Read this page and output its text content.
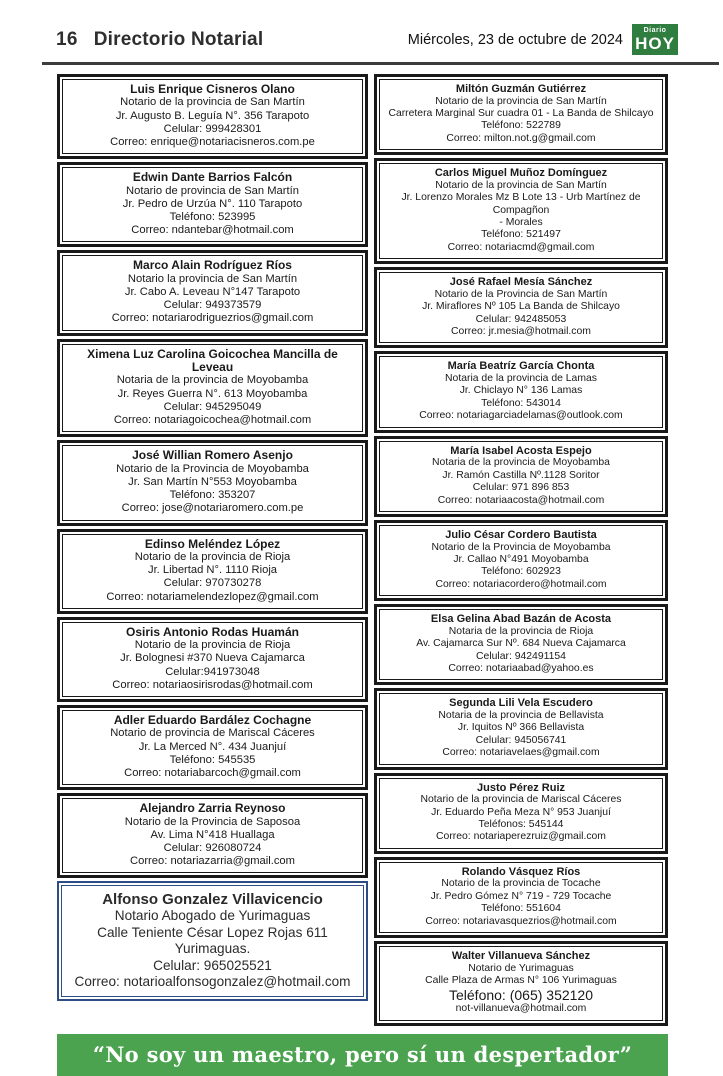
16 Directorio Notarial	Miércoles, 23 de octubre de 2024
Diario
HOY
Luis Enrique Cisneros Olano
Notario de la provincia de San Martín
Jr. Augusto B. Leguía N°. 356 Tarapoto
Celular: 999428301
Correo: enrique@notariacisneros.com.pe
Edwin Dante Barrios Falcón
Notario de provincia de San Martín
Jr. Pedro de Urzúa N°. 110 Tarapoto
Teléfono: 523995
Correo: ndantebar@hotmail.com
Marco Alain Rodríguez Ríos
Notario la provincia de San Martín
Jr. Cabo A. Leveau N°147 Tarapoto
Celular: 949373579
Correo: notariarodriguezrios@gmail.com
Ximena Luz Carolina Goicochea Mancilla de Leveau
Notaria de la provincia de Moyobamba
Jr. Reyes Guerra N°. 613 Moyobamba
Celular: 945295049
Correo: notariagoicochea@hotmail.com
José Willian Romero Asenjo
Notario de la Provincia de Moyobamba
Jr. San Martín N°553 Moyobamba
Teléfono: 353207
Correo: jose@notariaromero.com.pe
Edinso Meléndez López
Notario de la provincia de Rioja
Jr. Libertad N°. 1110 Rioja
Celular: 970730278
Correo: notariamelendezlopez@gmail.com
Osiris Antonio Rodas Huamán
Notario de la provincia de Rioja
Jr. Bolognesi #370 Nueva Cajamarca
Celular:941973048
Correo: notariaosirisrodas@hotmail.com
Adler Eduardo Bardález Cochagne
Notario de provincia de Mariscal Cáceres
Jr. La Merced N°. 434 Juanjuí
Teléfono: 545535
Correo: notariabarcoch@gmail.com
Alejandro Zarria Reynoso
Notario de la Provincia de Saposoa
Av. Lima N°418 Huallaga
Celular: 926080724
Correo: notariazarria@gmail.com
Alfonso Gonzalez Villavicencio
Notario Abogado de Yurimaguas
Calle Teniente César Lopez Rojas 611 Yurimaguas.
Celular: 965025521
Correo: notarioalfonsogonzalez@hotmail.com
Miltón Guzmán Gutiérrez
Notario de la provincia de San Martín
Carretera Marginal Sur cuadra 01 - La Banda de Shilcayo
Teléfono: 522789
Correo: milton.not.g@gmail.com
Carlos Miguel Muñoz Domínguez
Notario de la provincia de San Martín
Jr. Lorenzo Morales Mz B Lote 13 - Urb Martínez de Compagñon
- Morales
Teléfono: 521497
Correo: notariacmd@gmail.com
José Rafael Mesía Sánchez
Notario de la Provincia de San Martín
Jr. Miraflores Nº 105 La Banda de Shilcayo
Celular: 942485053
Correo: jr.mesia@hotmail.com
María Beatríz García Chonta
Notaria de la provincia de Lamas
Jr. Chiclayo N° 136 Lamas
Teléfono: 543014
Correo: notariagarciadelamas@outlook.com
María Isabel Acosta Espejo
Notaria de la provincia de Moyobamba
Jr. Ramón Castilla Nº.1128 Soritor
Celular: 971 896 853
Correo: notariaacosta@hotmail.com
Julio César Cordero Bautista
Notario de la Provincia de Moyobamba
Jr. Callao N°491 Moyobamba
Teléfono: 602923
Correo: notariacordero@hotmail.com
Elsa Gelina Abad Bazán de Acosta
Notaria de la provincia de Rioja
Av. Cajamarca Sur Nº. 684 Nueva Cajamarca
Celular: 942491154
Correo: notariaabad@yahoo.es
Segunda Lili Vela Escudero
Notaria de la provincia de Bellavista
Jr. Iquitos Nº 366 Bellavista
Celular: 945056741
Correo: notariavelaes@gmail.com
Justo Pérez Ruiz
Notario de la provincia de Mariscal Cáceres
Jr. Eduardo Peña Meza N° 953 Juanjuí
Teléfonos: 545144
Correo: notariaperezruiz@gmail.com
Rolando Vásquez Ríos
Notario de la provincia de Tocache
Jr. Pedro Gómez N° 719 - 729 Tocache
Teléfono: 551604
Correo: notariavasquezrios@hotmail.com
Walter Villanueva Sánchez
Notario de Yurimaguas
Calle Plaza de Armas N° 106 Yurimaguas
Teléfono: (065) 352120
not-villanueva@hotmail.com
“No soy un maestro, pero sí un despertador”
